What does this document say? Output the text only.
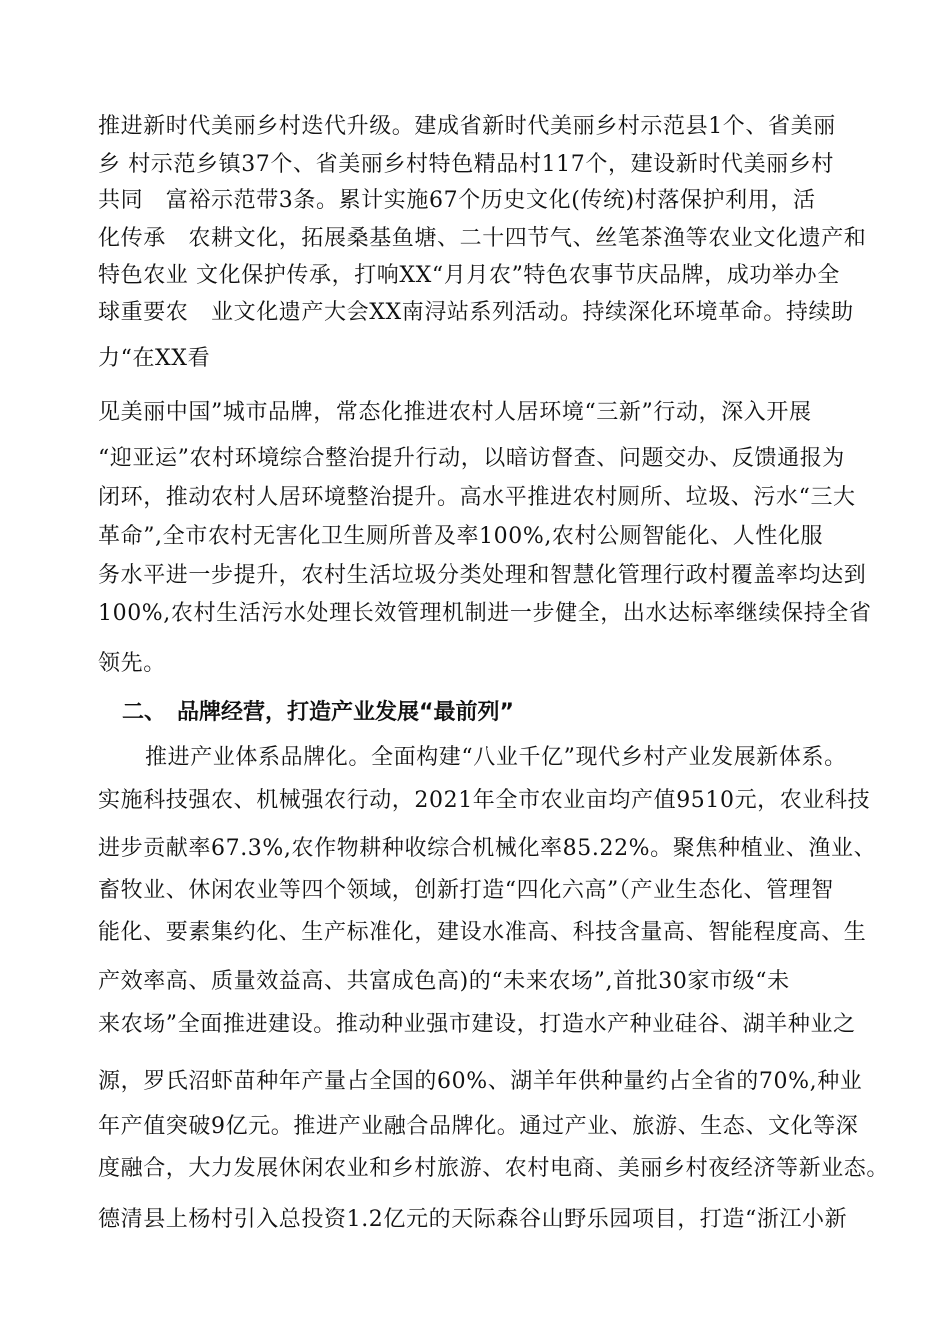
推进新时代美丽乡村迭代升级。建成省新时代美丽乡村示范县1个、省美丽
乡 村示范乡镇37个、省美丽乡村特色精品村117个，建设新时代美丽乡村
共同　富裕示范带3条。累计实施67个历史文化(传统)村落保护利用，活
化传承　农耕文化，拓展桑基鱼塘、二十四节气、丝笔茶渔等农业文化遗产和
特色农业 文化保护传承，打响XX“月月农”特色农事节庆品牌，成功举办全
球重要农　业文化遗产大会XX南浔站系列活动。持续深化环境革命。持续助
力“在XX看
见美丽中国”城市品牌，常态化推进农村人居环境“三新”行动，深入开展
“迎亚运”农村环境综合整治提升行动，以暗访督查、问题交办、反馈通报为
闭环，推动农村人居环境整治提升。高水平推进农村厕所、垃圾、污水“三大
革命”,全市农村无害化卫生厕所普及率100%,农村公厕智能化、人性化服
务水平进一步提升，农村生活垃圾分类处理和智慧化管理行政村覆盖率均达到
100%,农村生活污水处理长效管理机制进一步健全，出水达标率继续保持全省
领先。
二、　品牌经营，打造产业发展“最前列”
推进产业体系品牌化。全面构建“八业千亿”现代乡村产业发展新体系。
实施科技强农、机械强农行动，2021年全市农业亩均产值9510元，农业科技
进步贡献率67.3%,农作物耕种收综合机械化率85.22%。聚焦种植业、渔业、
畜牧业、休闲农业等四个领域，创新打造“四化六高”（产业生态化、管理智
能化、要素集约化、生产标准化，建设水准高、科技含量高、智能程度高、生
产效率高、质量效益高、共富成色高)的“未来农场”,首批30家市级“未
来农场”全面推进建设。推动种业强市建设，打造水产种业硅谷、湖羊种业之
源，罗氏沼虾苗种年产量占全国的60%、湖羊年供种量约占全省的70%,种业
年产值突破9亿元。推进产业融合品牌化。通过产业、旅游、生态、文化等深
度融合，大力发展休闲农业和乡村旅游、农村电商、美丽乡村夜经济等新业态。
德清县上杨村引入总投资1.2亿元的天际森谷山野乐园项目，打造“浙江小新
